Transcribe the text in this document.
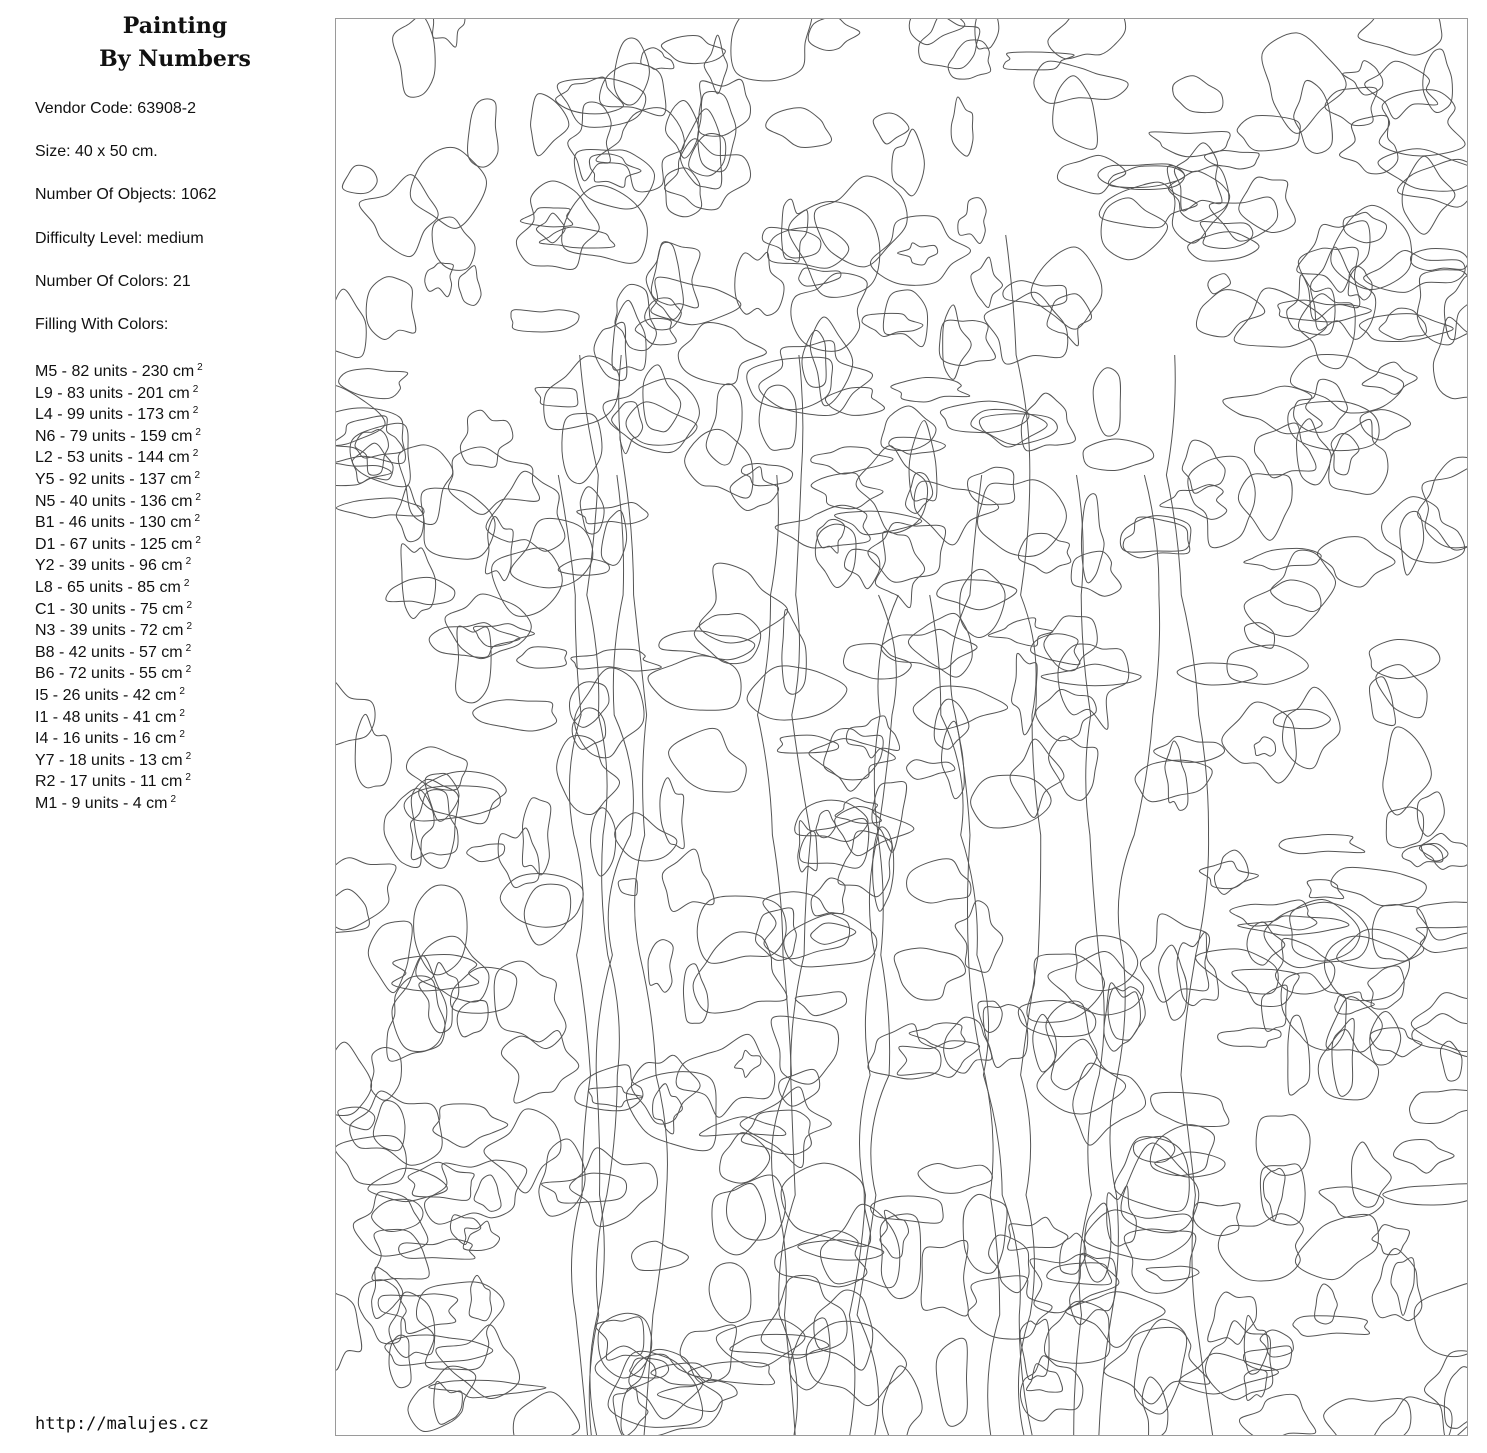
Painting
By Numbers
Vendor Code: 63908-2
Size: 40 x 50 cm.
Number Of Objects: 1062
Difficulty Level: medium
Number Of Colors: 21
Filling With Colors:
M5 - 82 units - 230 cm $^2$
L9 - 83 units - 201 cm $^2$
L4 - 99 units - 173 cm $^2$
N6 - 79 units - 159 cm $^2$
L2 - 53 units - 144 cm $^2$
Y5 - 92 units - 137 cm $^2$
N5 - 40 units - 136 cm $^2$
B1 - 46 units - 130 cm $^2$
D1 - 67 units - 125 cm $^2$
Y2 - 39 units - 96 cm $^2$
L8 - 65 units - 85 cm $^2$
C1 - 30 units - 75 cm $^2$
N3 - 39 units - 72 cm $^2$
B8 - 42 units - 57 cm $^2$
B6 - 72 units - 55 cm $^2$
I5 - 26 units - 42 cm $^2$
I1 - 48 units - 41 cm $^2$
I4 - 16 units - 16 cm $^2$
Y7 - 18 units - 13 cm $^2$
R2 - 17 units - 11 cm $^2$
M1 - 9 units - 4 cm $^2$
http://malujes.cz
